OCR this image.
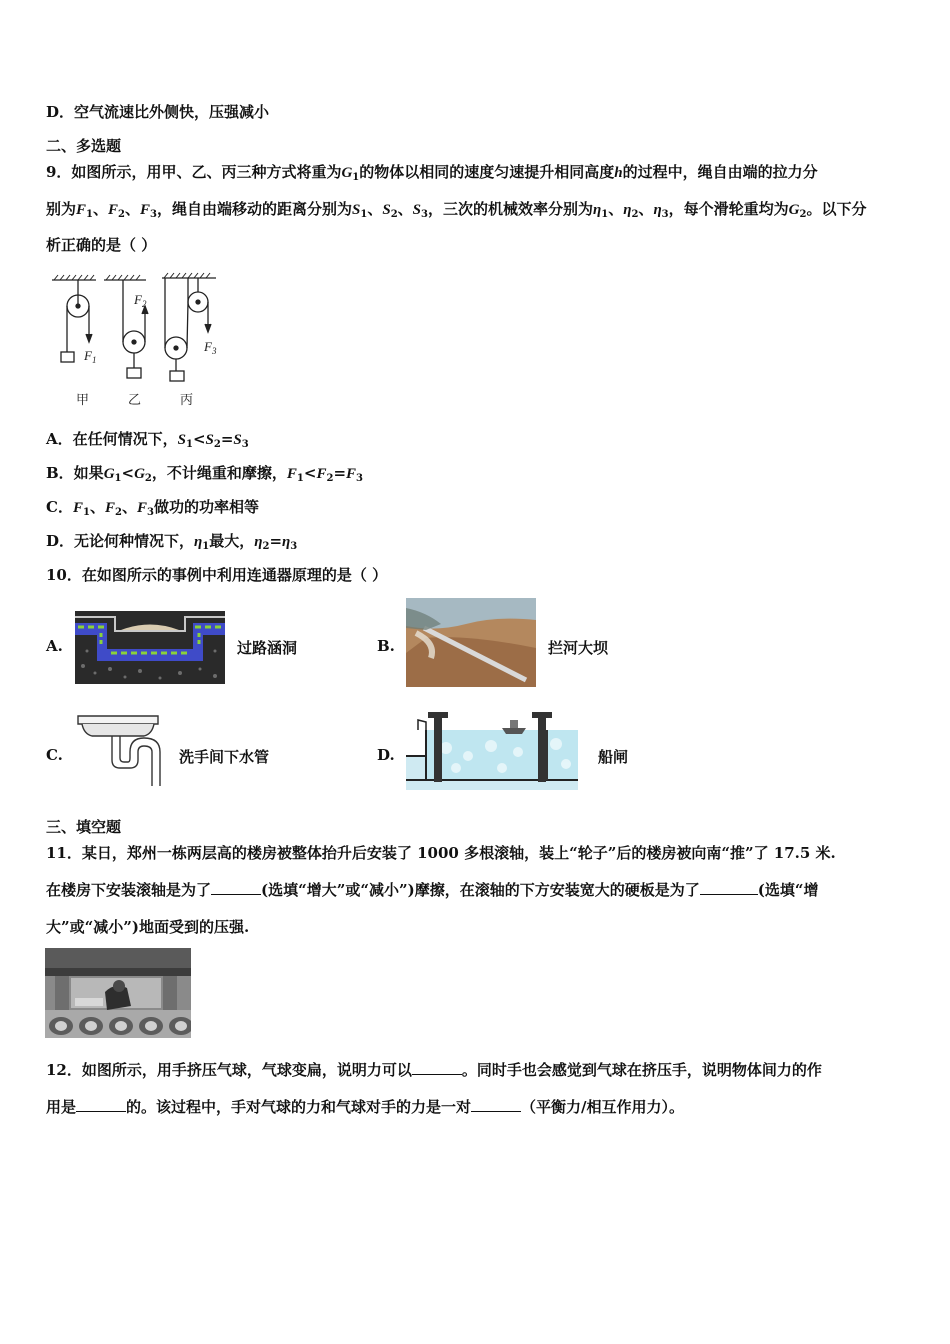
D．空气流速比外侧快，压强减小
二、多选题
9．如图所示，用甲、乙、丙三种方式将重为$G_1$的物体以相同的速度匀速提升相同高度h的过程中，绳自由端的拉力分
别为$F_1$、$F_2$、$F_3$，绳自由端移动的距离分别为$S_1$、$S_2$、$S_3$，三次的机械效率分别为$\eta_1$、$\eta_2$、$\eta_3$，每个滑轮重均为$G_2$。以下分
析正确的是（ ）
$F_1$
$F_2$
$F_3$
甲	乙	丙
A．在任何情况下，$S_1<S_2=S_3$
B．如果$G_1<G_2$，不计绳重和摩擦，$F_1<F_2=F_3$
C．$F_1$、$F_2$、$F_3$做功的功率相等
D．无论何种情况下，$\eta_1$最大，$\eta_2=\eta_3$
10．在如图所示的事例中利用连通器原理的是（ ）
A.	过路涵洞	B.	拦河大坝
C.	洗手间下水管	D.	船闸
三、填空题
11．某日，郑州一栋两层高的楼房被整体抬升后安装了 1000 多根滚轴，装上“轮子”后的楼房被向南“推”了 17.5 米.
在楼房下安装滚轴是为了	(选填“增大”或“减小”)摩擦，在滚轴的下方安装宽大的硬板是为了	(选填“增
大”或“减小”)地面受到的压强.
12．如图所示，用手挤压气球，气球变扁，说明力可以	。同时手也会感觉到气球在挤压手，说明物体间力的作
用是	的。该过程中，手对气球的力和气球对手的力是一对	（平衡力/相互作用力）。
